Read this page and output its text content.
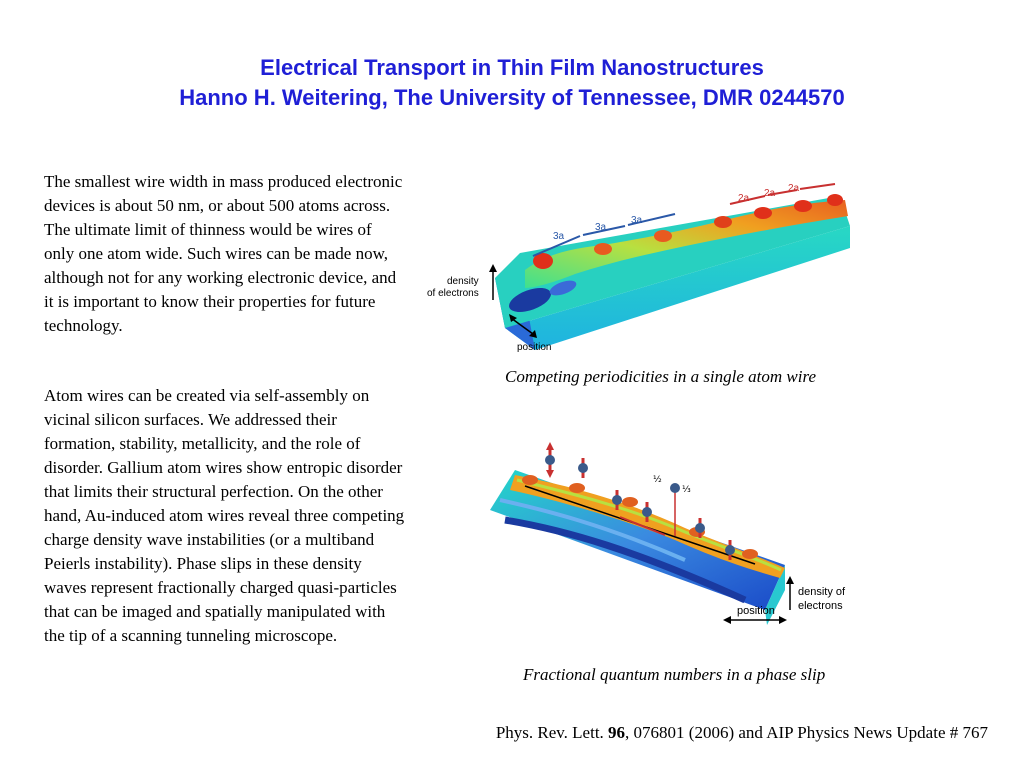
Electrical Transport in Thin Film Nanostructures
Hanno H. Weitering, The University of Tennessee, DMR 0244570

The smallest wire width in mass produced electronic devices is about 50 nm, or about 500 atoms across. The ultimate limit of thinness would be wires of only one atom wide. Such wires can be made now, although not for any working electronic device, and it is important to know their properties for future technology.

Atom wires can be created via self-assembly on vicinal silicon surfaces. We addressed their formation, stability, metallicity, and the role of disorder. Gallium atom wires show entropic disorder that limits their structural perfection. On the other hand, Au-induced atom wires reveal three competing charge density wave instabilities (or a multiband Peierls instability). Phase slips in these density waves represent fractionally charged quasi-particles that can be imaged and spatially manipulated with the tip of a scanning tunneling microscope.

3a
3a
3a
2a 2a 2a
density
of electrons
position
Competing periodicities in a single atom wire
½
⅓
density of
electrons
position
Fractional quantum numbers in a phase slip
Phys. Rev. Lett. 96, 076801 (2006) and AIP Physics News Update # 767
